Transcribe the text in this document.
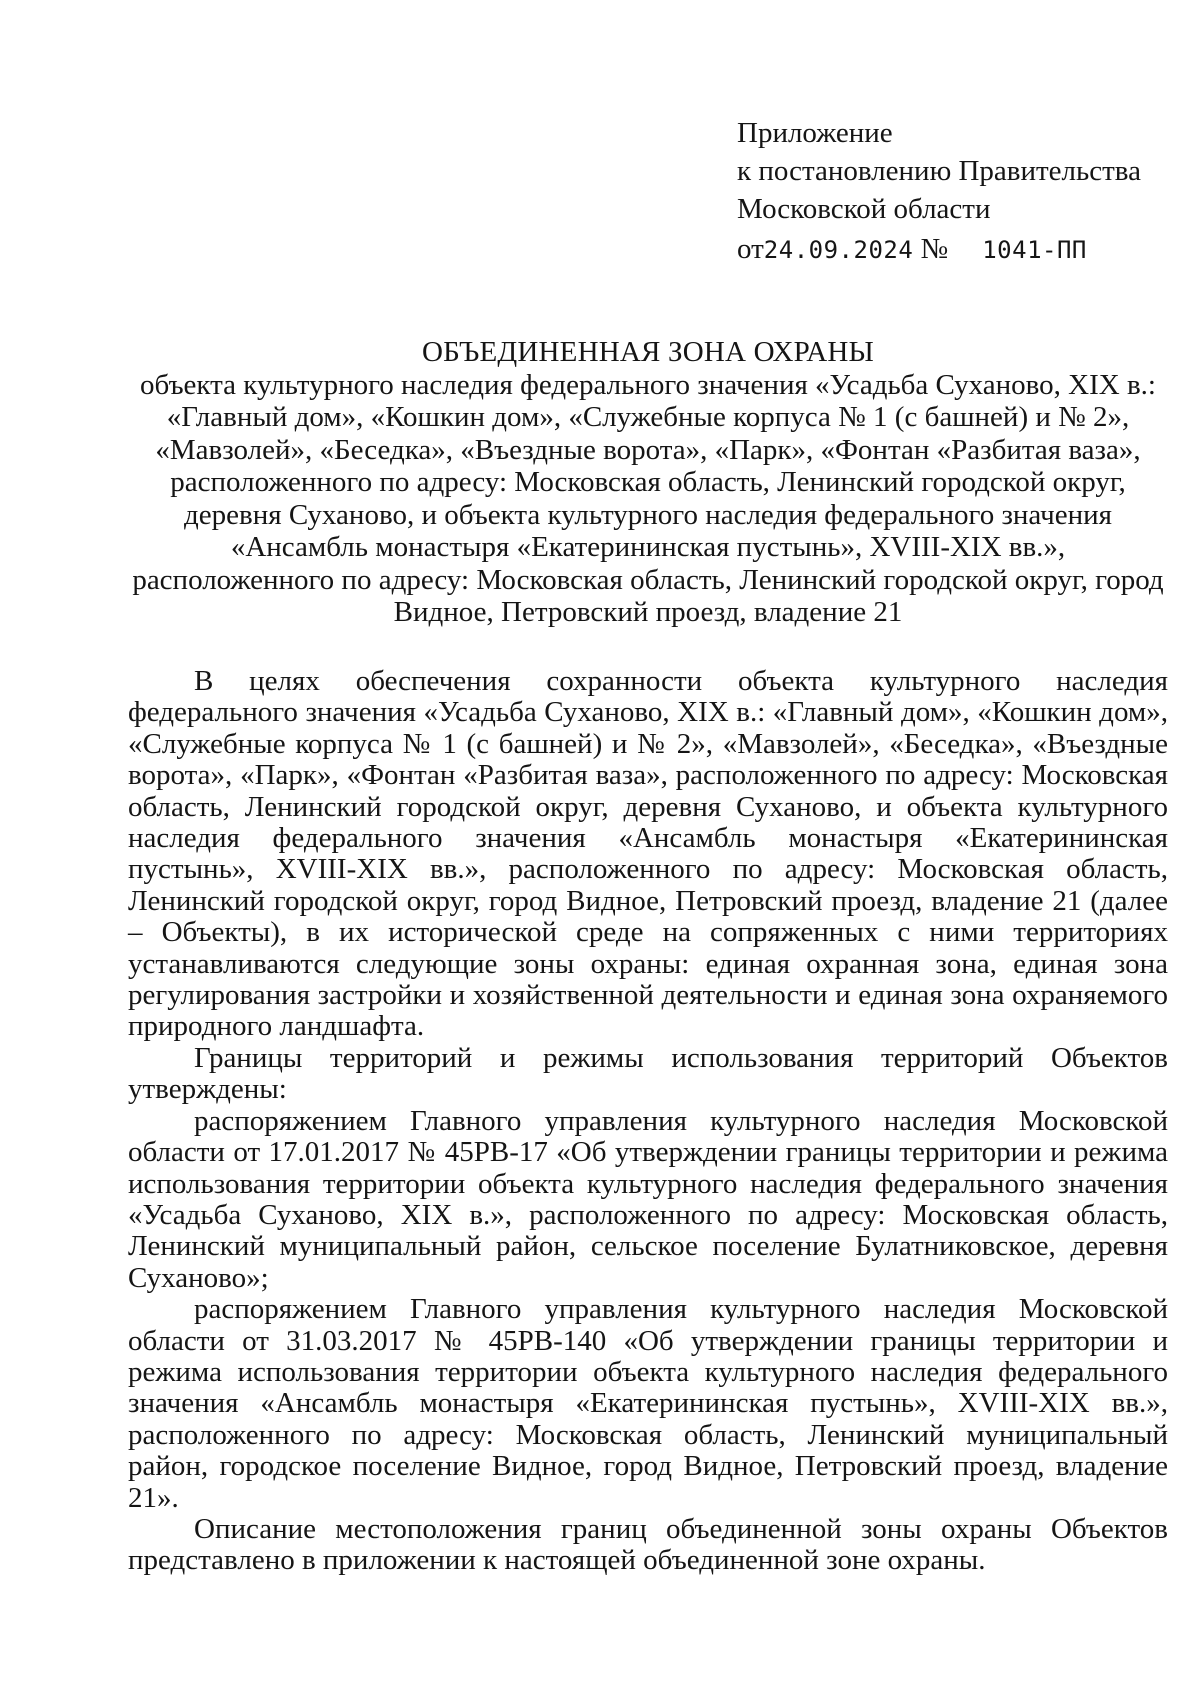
Приложение
к постановлению Правительства
Московской области
от24.09.2024 № 1041-ПП
ОБЪЕДИНЕННАЯ ЗОНА ОХРАНЫ
объекта культурного наследия федерального значения «Усадьба Суханово, XIX в.: «Главный дом», «Кошкин дом», «Служебные корпуса № 1 (с башней) и № 2», «Мавзолей», «Беседка», «Въездные ворота», «Парк», «Фонтан «Разбитая ваза», расположенного по адресу: Московская область, Ленинский городской округ, деревня Суханово, и объекта культурного наследия федерального значения «Ансамбль монастыря «Екатерининская пустынь», XVIII-XIX вв.», расположенного по адресу: Московская область, Ленинский городской округ, город Видное, Петровский проезд, владение 21

В целях обеспечения сохранности объекта культурного наследия федерального значения «Усадьба Суханово, XIX в.: «Главный дом», «Кошкин дом», «Служебные корпуса № 1 (с башней) и № 2», «Мавзолей», «Беседка», «Въездные ворота», «Парк», «Фонтан «Разбитая ваза», расположенного по адресу: Московская область, Ленинский городской округ, деревня Суханово, и объекта культурного наследия федерального значения «Ансамбль монастыря «Екатерининская пустынь», XVIII-XIX вв.», расположенного по адресу: Московская область, Ленинский городской округ, город Видное, Петровский проезд, владение 21 (далее – Объекты), в их исторической среде на сопряженных с ними территориях устанавливаются следующие зоны охраны: единая охранная зона, единая зона регулирования застройки и хозяйственной деятельности и единая зона охраняемого природного ландшафта.

Границы территорий и режимы использования территорий Объектов утверждены:

распоряжением Главного управления культурного наследия Московской области от 17.01.2017 № 45РВ-17 «Об утверждении границы территории и режима использования территории объекта культурного наследия федерального значения «Усадьба Суханово, XIX в.», расположенного по адресу: Московская область, Ленинский муниципальный район, сельское поселение Булатниковское, деревня Суханово»;

распоряжением Главного управления культурного наследия Московской области от 31.03.2017 № 45РВ-140 «Об утверждении границы территории и режима использования территории объекта культурного наследия федерального значения «Ансамбль монастыря «Екатерининская пустынь», XVIII-XIX вв.», расположенного по адресу: Московская область, Ленинский муниципальный район, городское поселение Видное, город Видное, Петровский проезд, владение 21».

Описание местоположения границ объединенной зоны охраны Объектов представлено в приложении к настоящей объединенной зоне охраны.
